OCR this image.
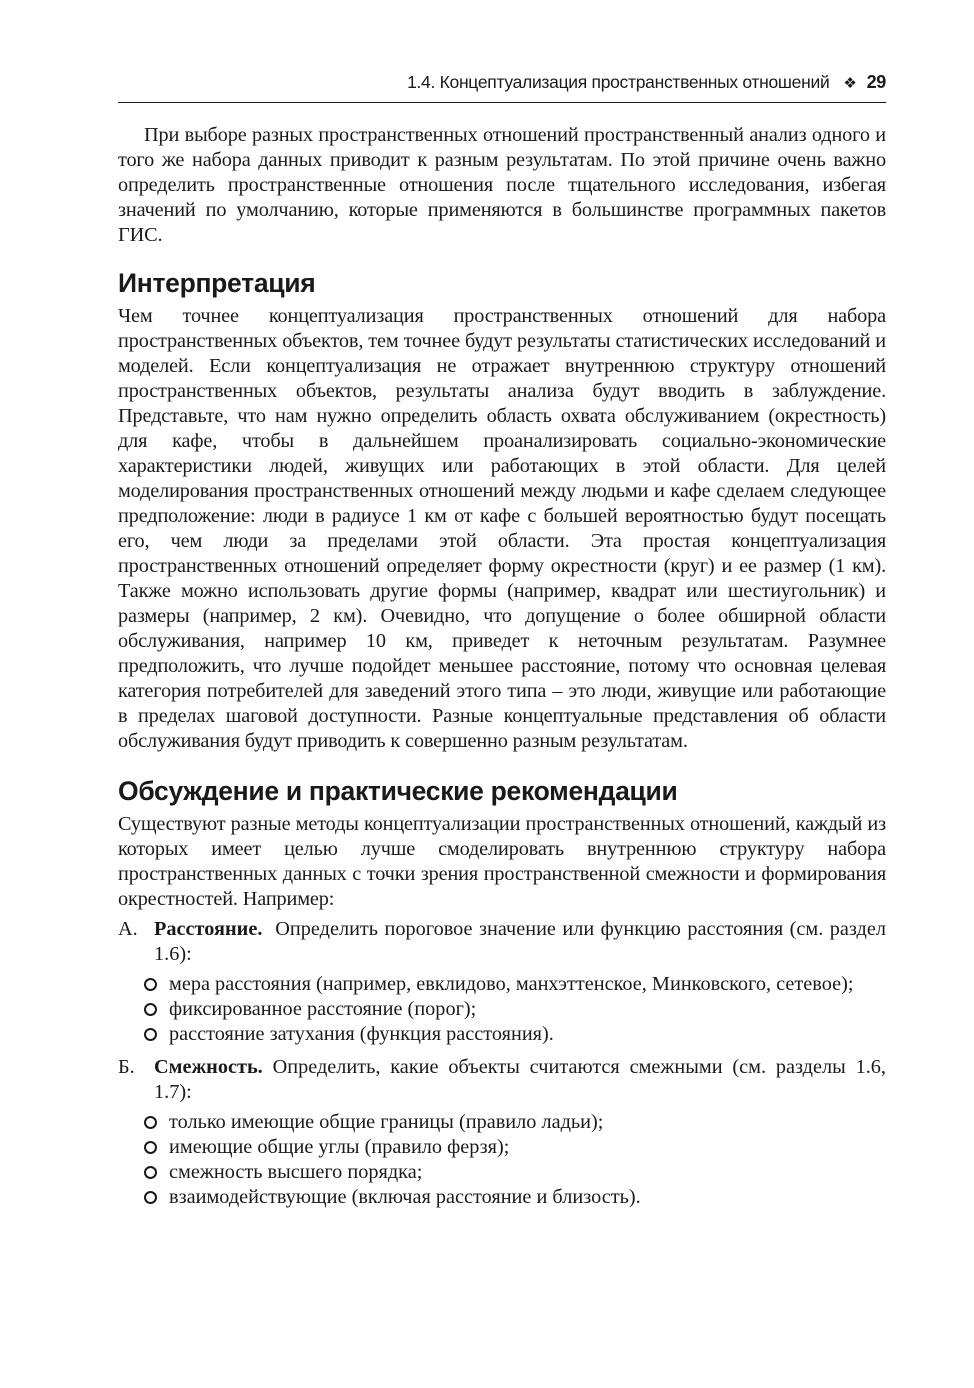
1.4. Концептуализация пространственных отношений ❖ 29

При выборе разных пространственных отношений пространственный анализ одного и того же набора данных приводит к разным результатам. По этой причине очень важно определить пространственные отношения после тщательного исследования, избегая значений по умолчанию, которые применяются в большинстве программных пакетов ГИС.

Интерпретация

Чем точнее концептуализация пространственных отношений для набора пространственных объектов, тем точнее будут результаты статистических исследований и моделей. Если концептуализация не отражает внутреннюю структуру отношений пространственных объектов, результаты анализа будут вводить в заблуждение. Представьте, что нам нужно определить область охвата обслуживанием (окрестность) для кафе, чтобы в дальнейшем проанализировать социально-экономические характеристики людей, живущих или работающих в этой области. Для целей моделирования пространственных отношений между людьми и кафе сделаем следующее предположение: люди в радиусе 1 км от кафе с большей вероятностью будут посещать его, чем люди за пределами этой области. Эта простая концептуализация пространственных отношений определяет форму окрестности (круг) и ее размер (1 км). Также можно использовать другие формы (например, квадрат или шестиугольник) и размеры (например, 2 км). Очевидно, что допущение о более обширной области обслуживания, например 10 км, приведет к неточным результатам. Разумнее предположить, что лучше подойдет меньшее расстояние, потому что основная целевая категория потребителей для заведений этого типа – это люди, живущие или работающие в пределах шаговой доступности. Разные концептуальные представления об области обслуживания будут приводить к совершенно разным результатам.

Обсуждение и практические рекомендации

Существуют разные методы концептуализации пространственных отношений, каждый из которых имеет целью лучше смоделировать внутреннюю структуру набора пространственных данных с точки зрения пространственной смежности и формирования окрестностей. Например:

А. Расстояние. Определить пороговое значение или функцию расстояния (см. раздел 1.6):
мера расстояния (например, евклидово, манхэттенское, Минковского, сетевое);
фиксированное расстояние (порог);
расстояние затухания (функция расстояния).
Б. Смежность. Определить, какие объекты считаются смежными (см. разделы 1.6, 1.7):
только имеющие общие границы (правило ладьи);
имеющие общие углы (правило ферзя);
смежность высшего порядка;
взаимодействующие (включая расстояние и близость).
